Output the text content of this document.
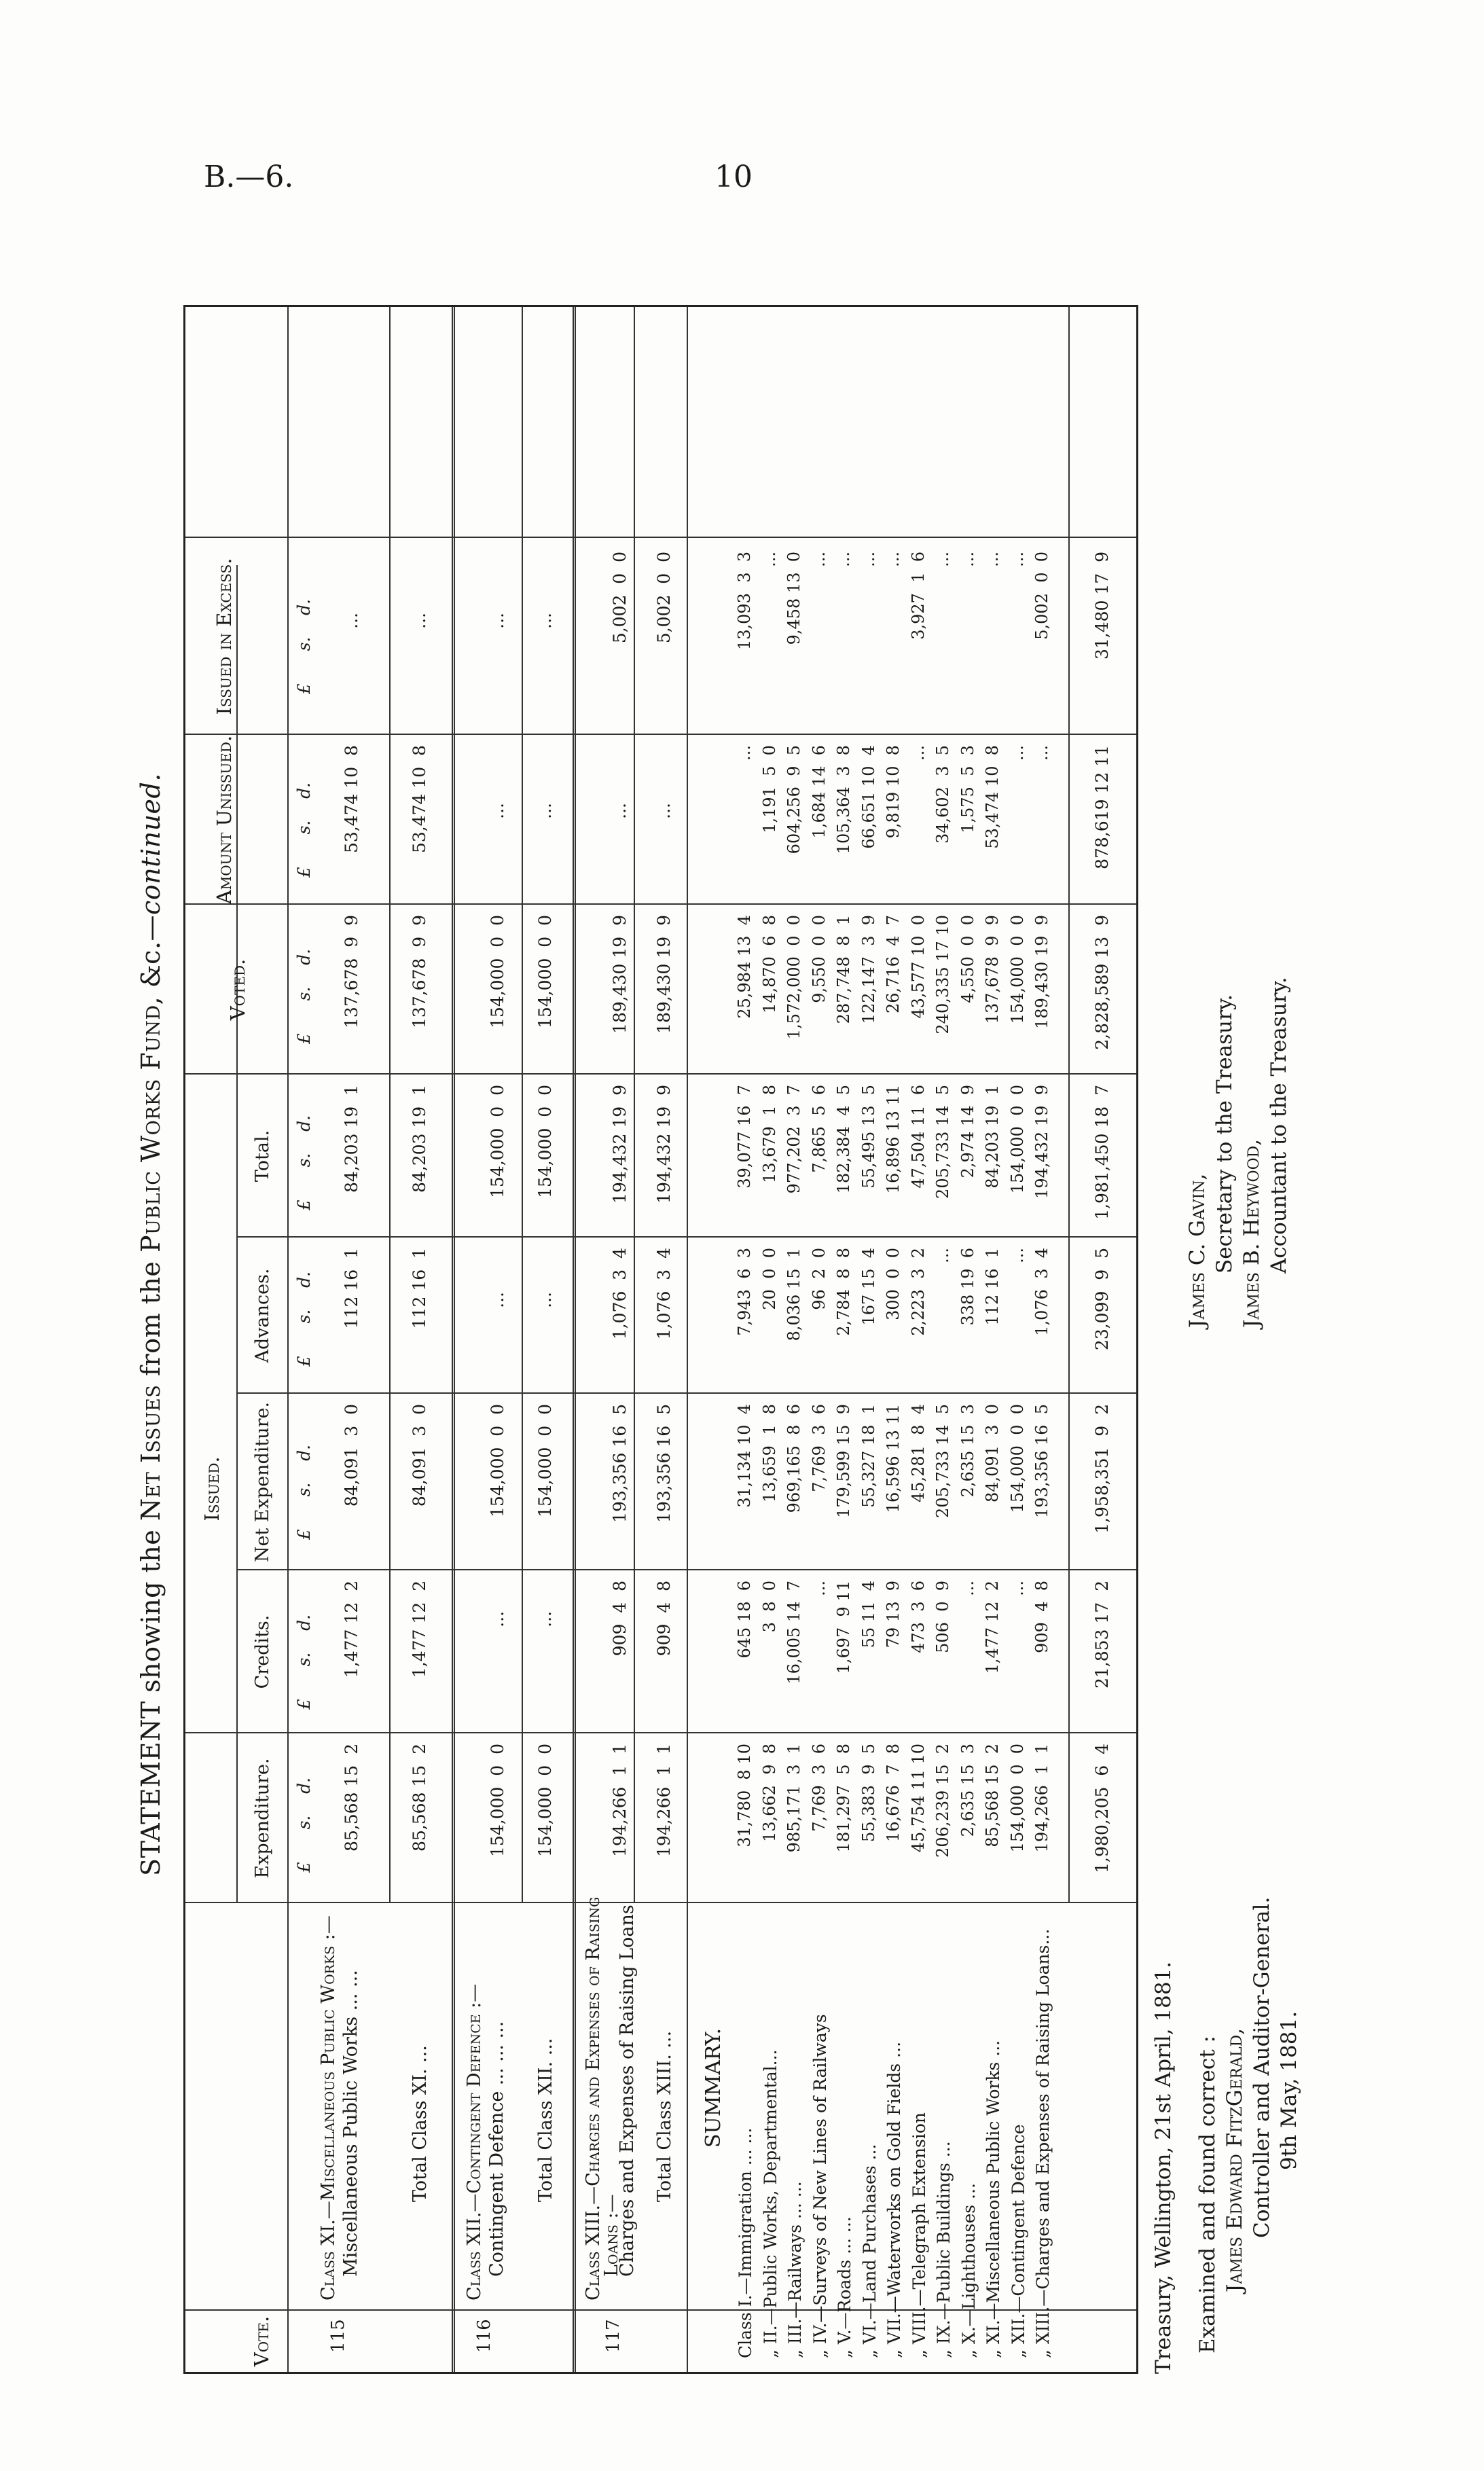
B.—6.	10
STATEMENT showing the Net Issues from the Public Works Fund, &c.—continued.
Vote.
Issued.
Expenditure.
Credits.
Net Expenditure.
Advances.
Total.
Voted.
Amount Unissued.
Issued in Excess.
£      s.    d.
£      s.    d.
£      s.    d.
£      s.    d.
£      s.    d.
£      s.    d.
£      s.    d.
£      s.    d.
115
Class XI.—Miscellaneous Public Works :— Miscellaneous Public Works ... ...	Total Class XI. ...
85,568 15  2
1,477 12  2
84,091  3  0
112 16  1
84,203 19  1
137,678  9  9
53,474 10  8
...
85,568 15  2
1,477 12  2
84,091  3  0
112 16  1
84,203 19  1
137,678  9  9
53,474 10  8
...
116
Class XII.—Contingent Defence :— Contingent Defence ... ... ... Total Class XII. ...
154,000  0  0
...
154,000  0  0
...
154,000  0  0
154,000  0  0
...
...
154,000  0  0
...
154,000  0  0
...
154,000  0  0
154,000  0  0
...
...
117
Class XIII.—Charges and Expenses of Raising
Loans :—
Charges and Expenses of Raising Loans Total Class XIII. ...
194,266  1  1
909  4  8
193,356 16  5
1,076  3  4
194,432 19  9
189,430 19  9
...
5,002  0  0
194,266  1  1
909  4  8
193,356 16  5
1,076  3  4
194,432 19  9
189,430 19  9
...
5,002  0  0
SUMMARY.
Class I.—Immigration ... ... „ II.—Public Works, Departmental... „ III.—Railways ... ... „ IV.—Surveys of New Lines of Railways „ V.—Roads ... ... „ VI.—Land Purchases ... „ VII.—Waterworks on Gold Fields ... „ VIII.—Telegraph Extension „ IX.—Public Buildings ... „ X.—Lighthouses ... „ XI.—Miscellaneous Public Works ... „ XII.—Contingent Defence „ XIII.—Charges and Expenses of Raising Loans...
31,780  8 10 13,662  9  8 985,171  3  1 7,769  3  6 181,297  5  8 55,383  9  5 16,676  7  8 45,754 11 10 206,239 15  2 2,635 15  3 85,568 15  2 154,000  0  0 194,266  1  1
645 18  6 3  8  0 16,005 14  7 ... 1,697  9 11 55 11  4 79 13  9 473  3  6 506  0  9 ... 1,477 12  2 ... 909  4  8
31,134 10  4 13,659  1  8 969,165  8  6 7,769  3  6 179,599 15  9 55,327 18  1 16,596 13 11 45,281  8  4 205,733 14  5 2,635 15  3 84,091  3  0 154,000  0  0 193,356 16  5
7,943  6  3 20  0  0 8,036 15  1 96  2  0 2,784  8  8 167 15  4 300  0  0 2,223  3  2 ... 338 19  6 112 16  1 ... 1,076  3  4
39,077 16  7 13,679  1  8 977,202  3  7 7,865  5  6 182,384  4  5 55,495 13  5 16,896 13 11 47,504 11  6 205,733 14  5 2,974 14  9 84,203 19  1 154,000  0  0 194,432 19  9
25,984 13  4 14,870  6  8 1,572,000  0  0 9,550  0  0 287,748  8  1 122,147  3  9 26,716  4  7 43,577 10  0 240,335 17 10 4,550  0  0 137,678  9  9 154,000  0  0 189,430 19  9
... 1,191  5  0 604,256  9  5 1,684 14  6 105,364  3  8 66,651 10  4 9,819 10  8 ... 34,602  3  5 1,575  5  3 53,474 10  8 ... ...
13,093  3  3 ... 9,458 13  0 ... ... ... ... 3,927  1  6 ... ... ... ... 5,002  0  0
1,980,205  6  4
21,853 17  2
1,958,351  9  2
23,099  9  5
1,981,450 18  7
2,828,589 13  9
878,619 12 11
31,480 17  9
Treasury, Wellington, 21st April, 1881. Examined and found correct : James Edward FitzGerald, Controller and Auditor-General. 9th May, 1881.
James C. Gavin, Secretary to the Treasury. James B. Heywood, Accountant to the Treasury.
